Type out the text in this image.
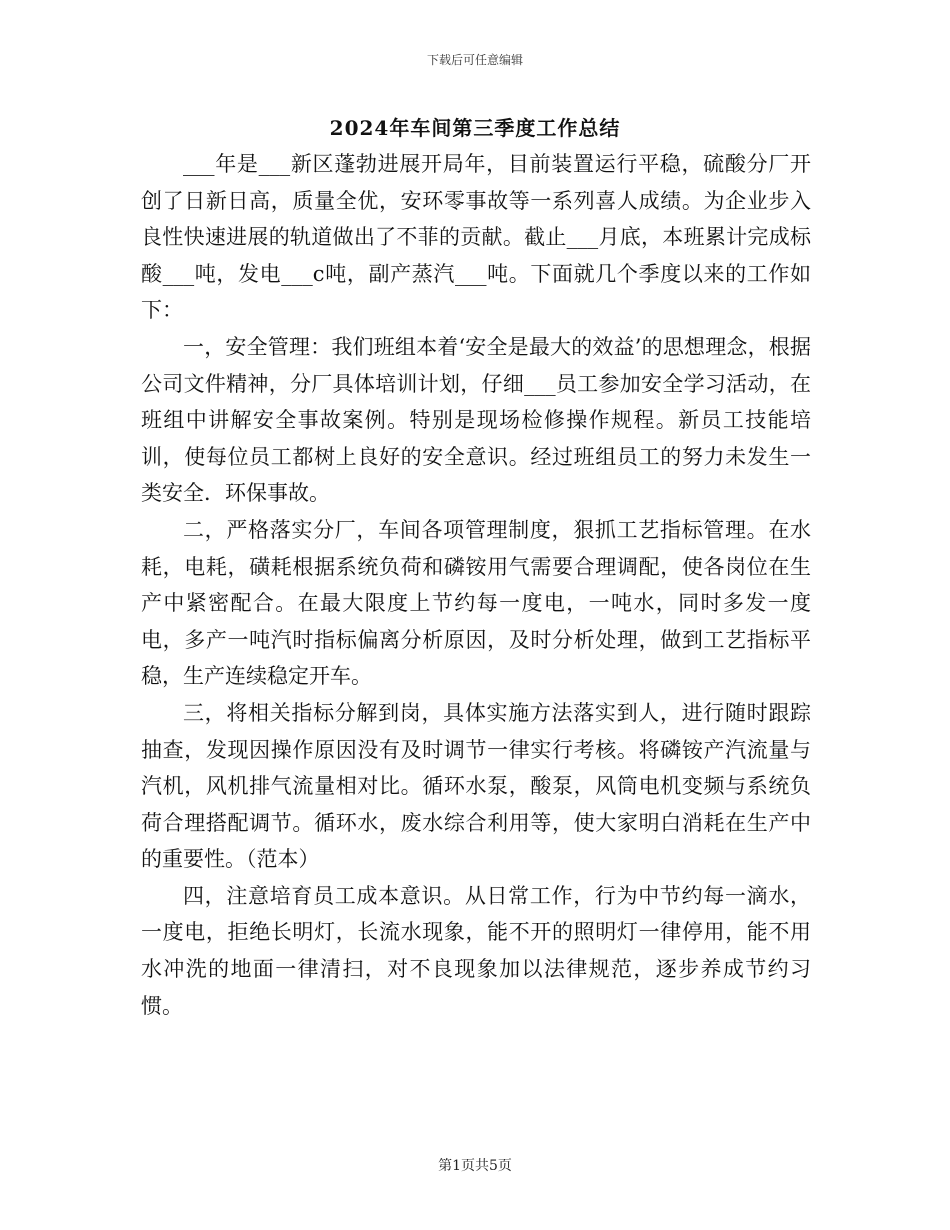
下载后可任意编辑
2024年车间第三季度工作总结

___年是___新区蓬勃进展开局年，目前装置运行平稳，硫酸分厂开创了日新日高，质量全优，安环零事故等一系列喜人成绩。为企业步入良性快速进展的轨道做出了不菲的贡献。截止___月底，本班累计完成标酸___吨，发电___c吨，副产蒸汽___吨。下面就几个季度以来的工作如下：

一，安全管理：我们班组本着‘安全是最大的效益’的思想理念，根据公司文件精神，分厂具体培训计划，仔细___员工参加安全学习活动，在班组中讲解安全事故案例。特别是现场检修操作规程。新员工技能培训，使每位员工都树上良好的安全意识。经过班组员工的努力未发生一类安全．环保事故。

二，严格落实分厂，车间各项管理制度，狠抓工艺指标管理。在水耗，电耗，磺耗根据系统负荷和磷铵用气需要合理调配，使各岗位在生产中紧密配合。在最大限度上节约每一度电，一吨水，同时多发一度电，多产一吨汽时指标偏离分析原因，及时分析处理，做到工艺指标平稳，生产连续稳定开车。

三，将相关指标分解到岗，具体实施方法落实到人，进行随时跟踪抽查，发现因操作原因没有及时调节一律实行考核。将磷铵产汽流量与汽机，风机排气流量相对比。循环水泵，酸泵，风筒电机变频与系统负荷合理搭配调节。循环水，废水综合利用等，使大家明白消耗在生产中的重要性。（范本）

四，注意培育员工成本意识。从日常工作，行为中节约每一滴水，一度电，拒绝长明灯，长流水现象，能不开的照明灯一律停用，能不用水冲洗的地面一律清扫，对不良现象加以法律规范，逐步养成节约习惯。

第1页共5页
